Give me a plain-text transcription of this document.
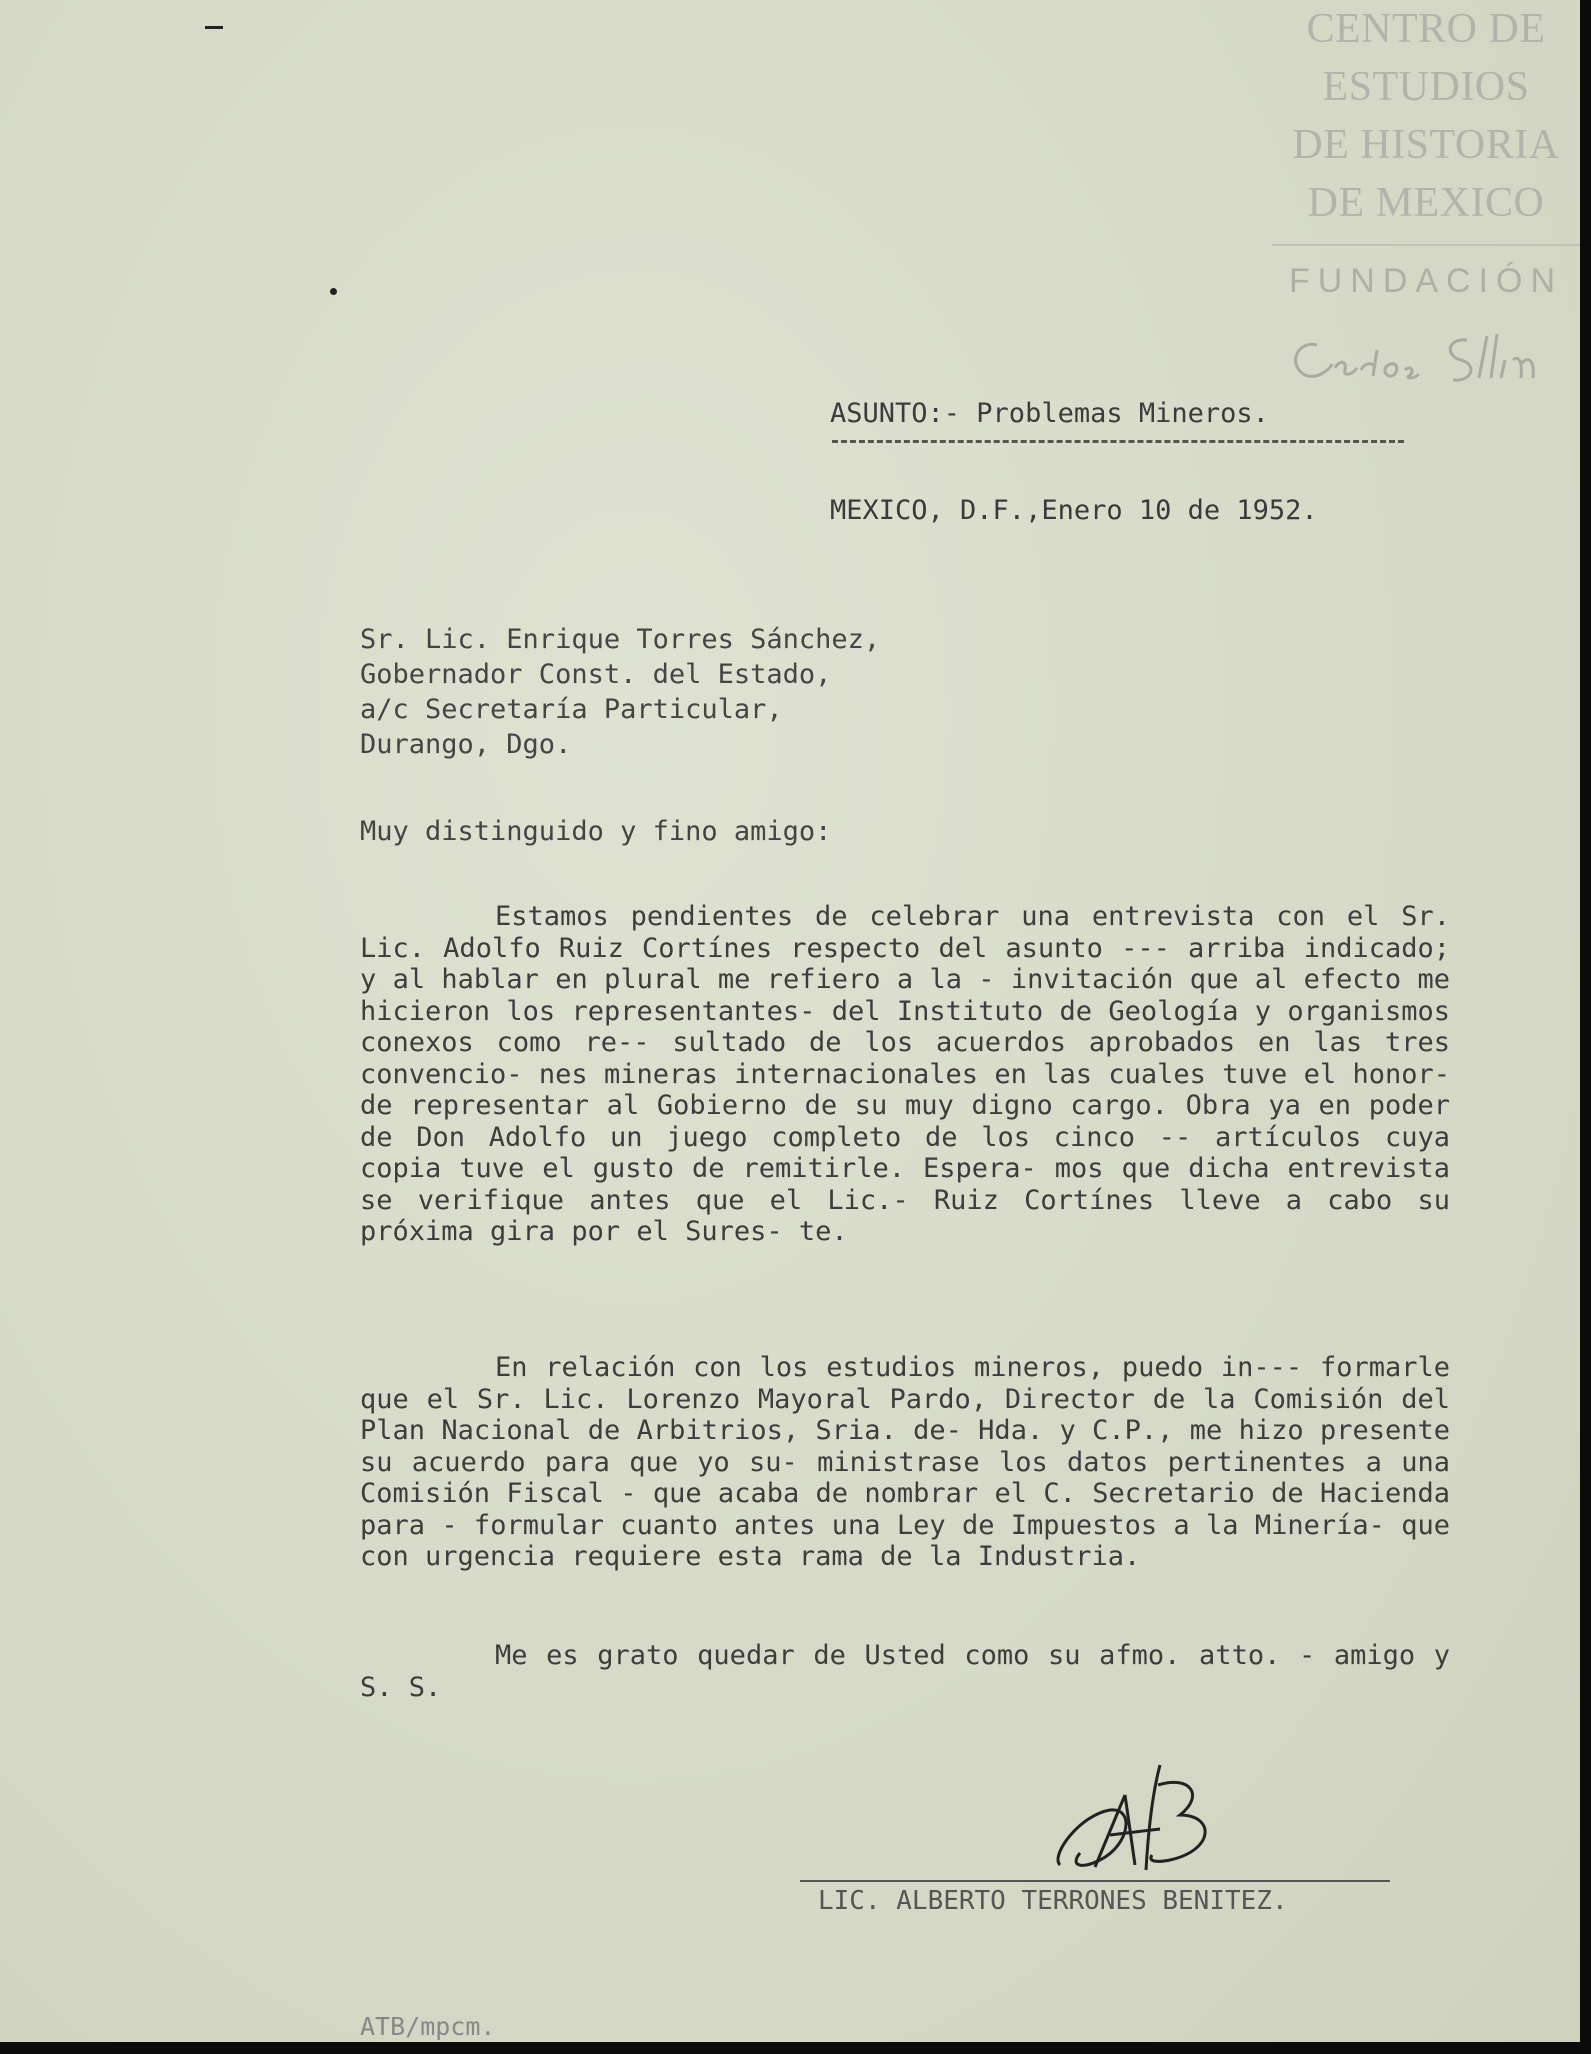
CENTRO DE
ESTUDIOS
DE HISTORIA
DE MEXICO
FUNDACIÓN
ASUNTO:- Problemas Mineros.
MEXICO, D.F.,Enero 10 de 1952.
Sr. Lic. Enrique Torres Sánchez,
Gobernador Const. del Estado,
a/c Secretaría Particular,
Durango, Dgo.
Muy distinguido y fino amigo:
Estamos pendientes de celebrar una entrevista con el Sr. Lic. Adolfo Ruiz Cortínes respecto del asunto --- arriba indicado; y al hablar en plural me refiero a la - invitación que al efecto me hicieron los representantes- del Instituto de Geología y organismos conexos como re-- sultado de los acuerdos aprobados en las tres convencio- nes mineras internacionales en las cuales tuve el honor- de representar al Gobierno de su muy digno cargo. Obra ya en poder de Don Adolfo un juego completo de los cinco -- artículos cuya copia tuve el gusto de remitirle. Espera- mos que dicha entrevista se verifique antes que el Lic.- Ruiz Cortínes lleve a cabo su próxima gira por el Sures- te.
En relación con los estudios mineros, puedo in--- formarle que el Sr. Lic. Lorenzo Mayoral Pardo, Director de la Comisión del Plan Nacional de Arbitrios, Sria. de- Hda. y C.P., me hizo presente su acuerdo para que yo su- ministrase los datos pertinentes a una Comisión Fiscal - que acaba de nombrar el C. Secretario de Hacienda para - formular cuanto antes una Ley de Impuestos a la Minería- que con urgencia requiere esta rama de la Industria.
Me es grato quedar de Usted como su afmo. atto. - amigo y S. S.
LIC. ALBERTO TERRONES BENITEZ.
ATB/mpcm.
